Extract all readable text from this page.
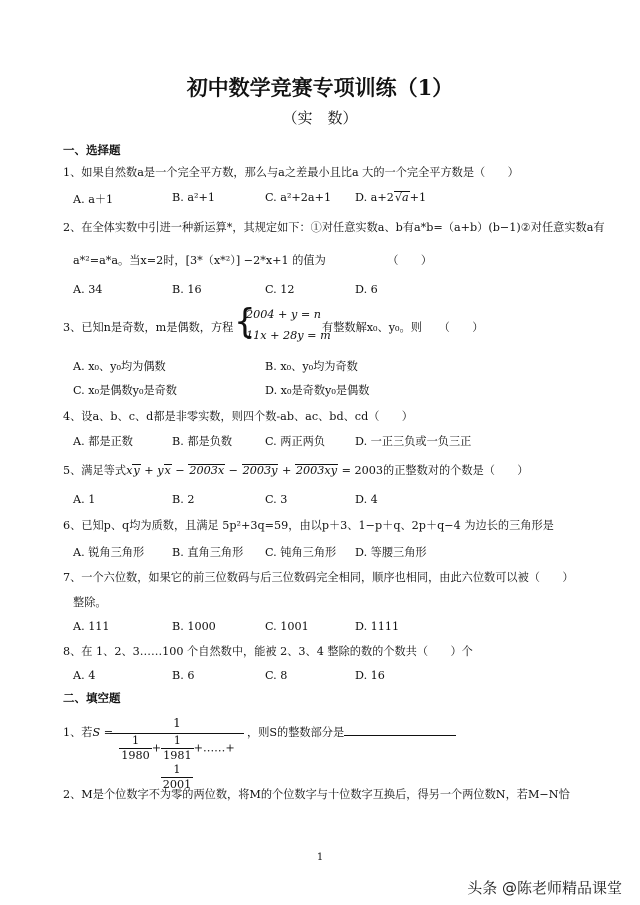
初中数学竞赛专项训练（1）
（实　数）
一、选择题
1、如果自然数a是一个完全平方数，那么与a之差最小且比a 大的一个完全平方数是（　　）
A. a＋1	B. a²+1	C. a²+2a+1 D. a+2√a+1
2、在全体实数中引进一种新运算*，其规定如下：①对任意实数a、b有a*b=（a+b）(b−1)②对任意实数a有
a*²=a*a。当x=2时，[3*（x*²）] −2*x+1 的值为　　　　　　（　　）
A. 34	B. 16	C. 12	D. 6
3、已知n是奇数，m是偶数，方程 {
2004 + y = n
11x + 28y = m
有整数解x₀、y₀。则　　（　　）
A. x₀、y₀均为偶数	B. x₀、y₀均为奇数
C. x₀是偶数y₀是奇数	D. x₀是奇数y₀是偶数
4、设a、b、c、d都是非零实数，则四个数-ab、ac、bd、cd（　　）
A. 都是正数	B. 都是负数	C. 两正两负	D. 一正三负或一负三正
5、满足等式xy + yx − 2003x − 2003y + 2003xy = 2003的正整数对的个数是（　　）
A. 1	B. 2	C. 3	D. 4
6、已知p、q均为质数，且满足 5p²+3q=59，由以p＋3、1−p＋q、2p＋q−4 为边长的三角形是
A. 锐角三角形 B. 直角三角形 C. 钝角三角形 D. 等腰三角形
7、一个六位数，如果它的前三位数码与后三位数码完全相同，顺序也相同，由此六位数可以被（　　）
整除。
A. 111	B. 1000	C. 1001	D. 1111
8、在 1、2、3……100 个自然数中，能被 2、3、4 整除的数的个数共（　　）个
A. 4	B. 6	C. 8	D. 16
二、填空题
1、若S =
1
$\frac{1}{1980} + \frac{1}{1981}$ +……+
$\frac{1}{2001}$ ，则S的整数部分是
2、M是个位数字不为零的两位数，将M的个位数字与十位数字互换后，得另一个两位数N，若M−N恰
1
头条 @陈老师精品课堂
